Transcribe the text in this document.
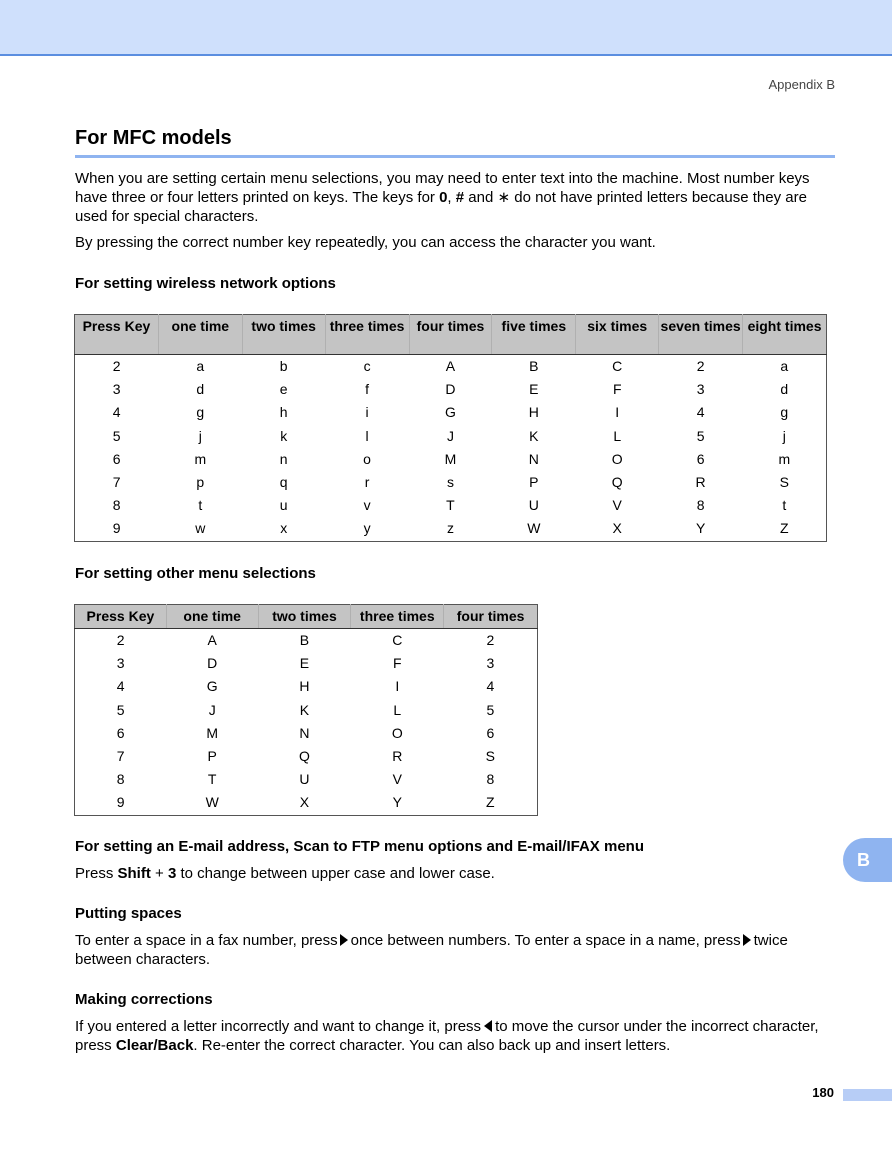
Appendix B
For MFC models

When you are setting certain menu selections, you may need to enter text into the machine. Most number keys have three or four letters printed on keys. The keys for 0, # and ∗ do not have printed letters because they are used for special characters.

By pressing the correct number key repeatedly, you can access the character you want.

For setting wireless network options
Press Key	one time	two times	three times	four times	five times	six times	seven times	eight times
2	a	b	c	A	B	C	2	a
3	d	e	f	D	E	F	3	d
4	g	h	i	G	H	I	4	g
5	j	k	l	J	K	L	5	j
6	m	n	o	M	N	O	6	m
7	p	q	r	s	P	Q	R	S
8	t	u	v	T	U	V	8	t
9	w	x	y	z	W	X	Y	Z
For setting other menu selections
Press Key	one time	two times	three times	four times
2	A	B	C	2
3	D	E	F	3
4	G	H	I	4
5	J	K	L	5
6	M	N	O	6
7	P	Q	R	S
8	T	U	V	8
9	W	X	Y	Z
For setting an E-mail address, Scan to FTP menu options and E-mail/IFAX menu

Press Shift + 3 to change between upper case and lower case.

Putting spaces

To enter a space in a fax number, press once between numbers. To enter a space in a name, press twice between characters.

Making corrections

If you entered a letter incorrectly and want to change it, press to move the cursor under the incorrect character, press Clear/Back. Re-enter the correct character. You can also back up and insert letters.

B
180
